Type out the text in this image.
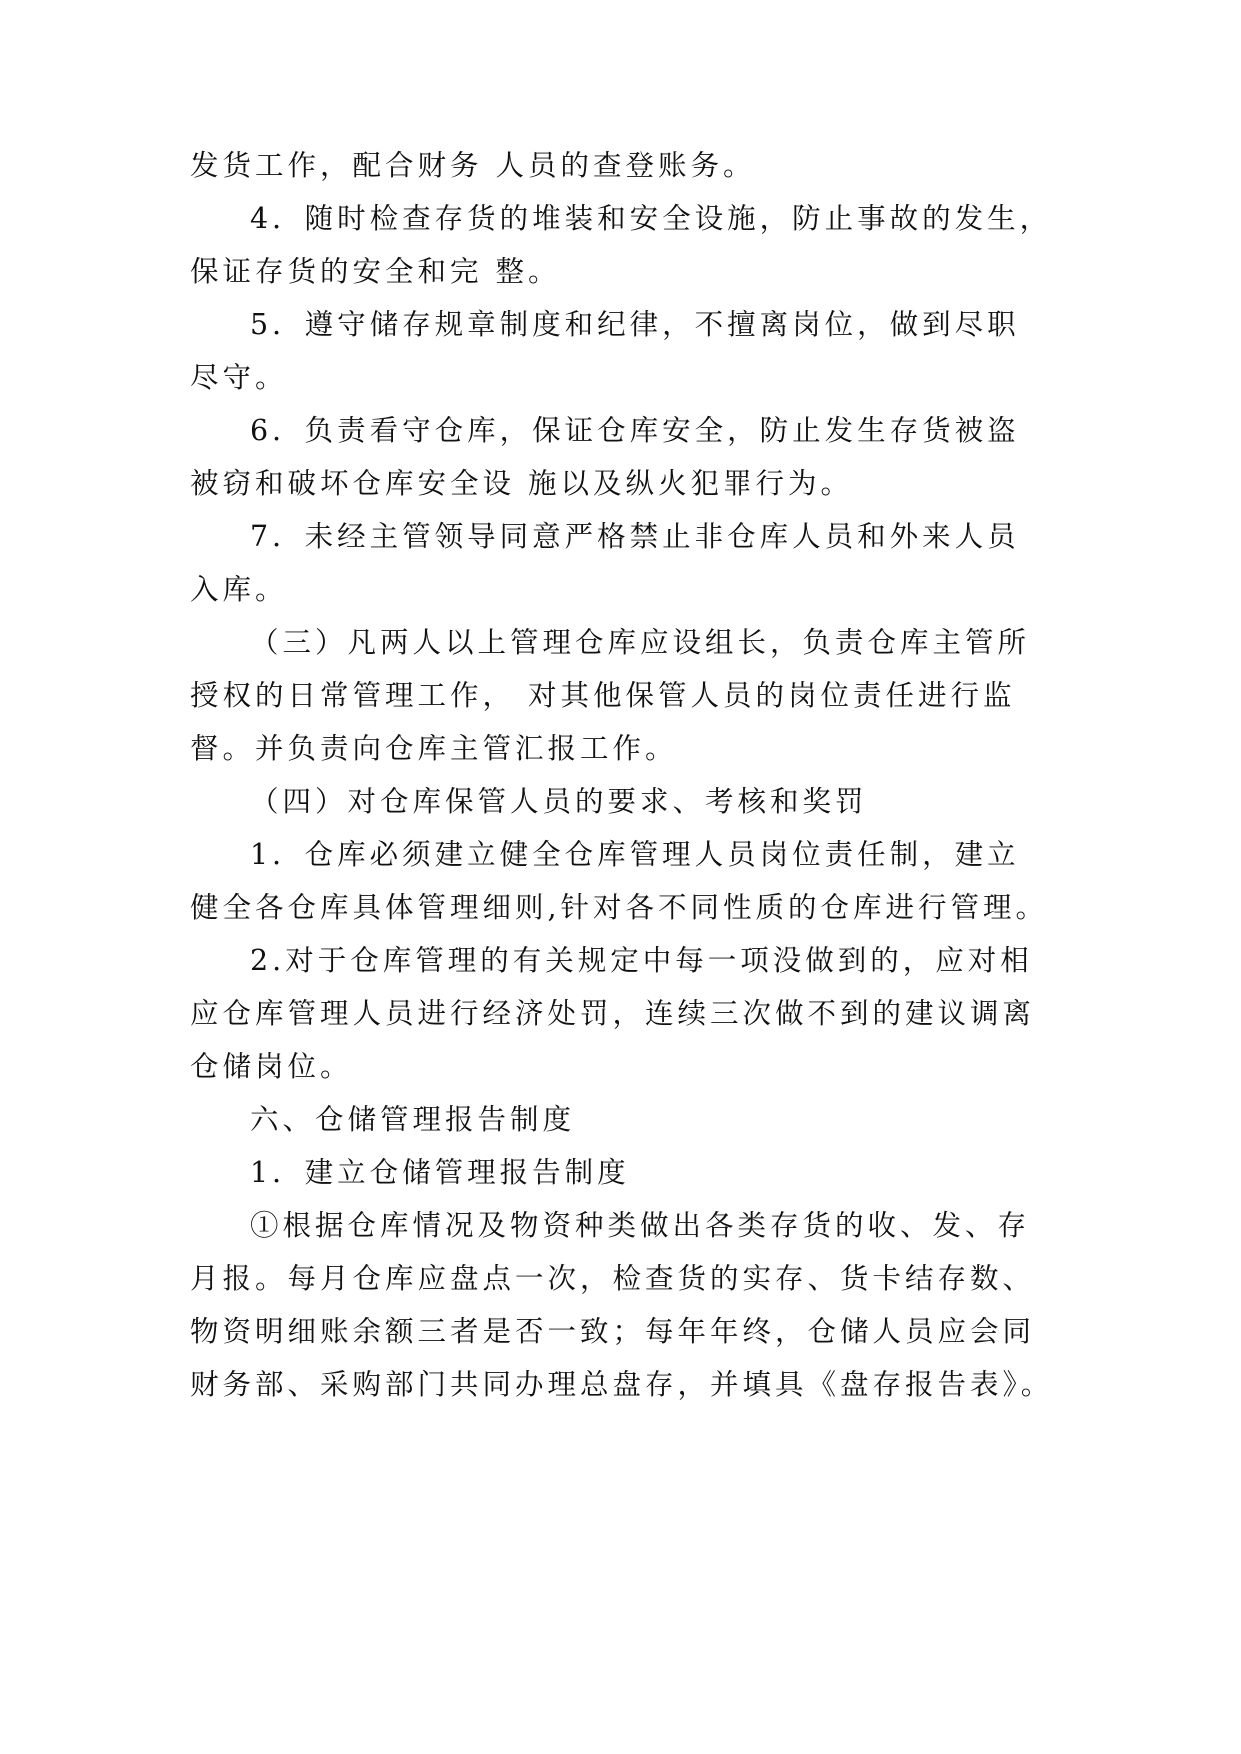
发货工作，配合财务 人员的查登账务。
4．随时检查存货的堆装和安全设施，防止事故的发生，
保证存货的安全和完 整。
5．遵守储存规章制度和纪律，不擅离岗位，做到尽职
尽守。
6．负责看守仓库，保证仓库安全，防止发生存货被盗
被窃和破坏仓库安全设 施以及纵火犯罪行为。
7．未经主管领导同意严格禁止非仓库人员和外来人员
入库。
（三）凡两人以上管理仓库应设组长，负责仓库主管所
授权的日常管理工作， 对其他保管人员的岗位责任进行监
督。并负责向仓库主管汇报工作。
（四）对仓库保管人员的要求、考核和奖罚
1．仓库必须建立健全仓库管理人员岗位责任制，建立
健全各仓库具体管理细则,针对各不同性质的仓库进行管理。
2.对于仓库管理的有关规定中每一项没做到的，应对相
应仓库管理人员进行经济处罚，连续三次做不到的建议调离
仓储岗位。
六、仓储管理报告制度
1．建立仓储管理报告制度
①根据仓库情况及物资种类做出各类存货的收、发、存
月报。每月仓库应盘点一次，检查货的实存、货卡结存数、
物资明细账余额三者是否一致；每年年终，仓储人员应会同
财务部、采购部门共同办理总盘存，并填具《盘存报告表》。
